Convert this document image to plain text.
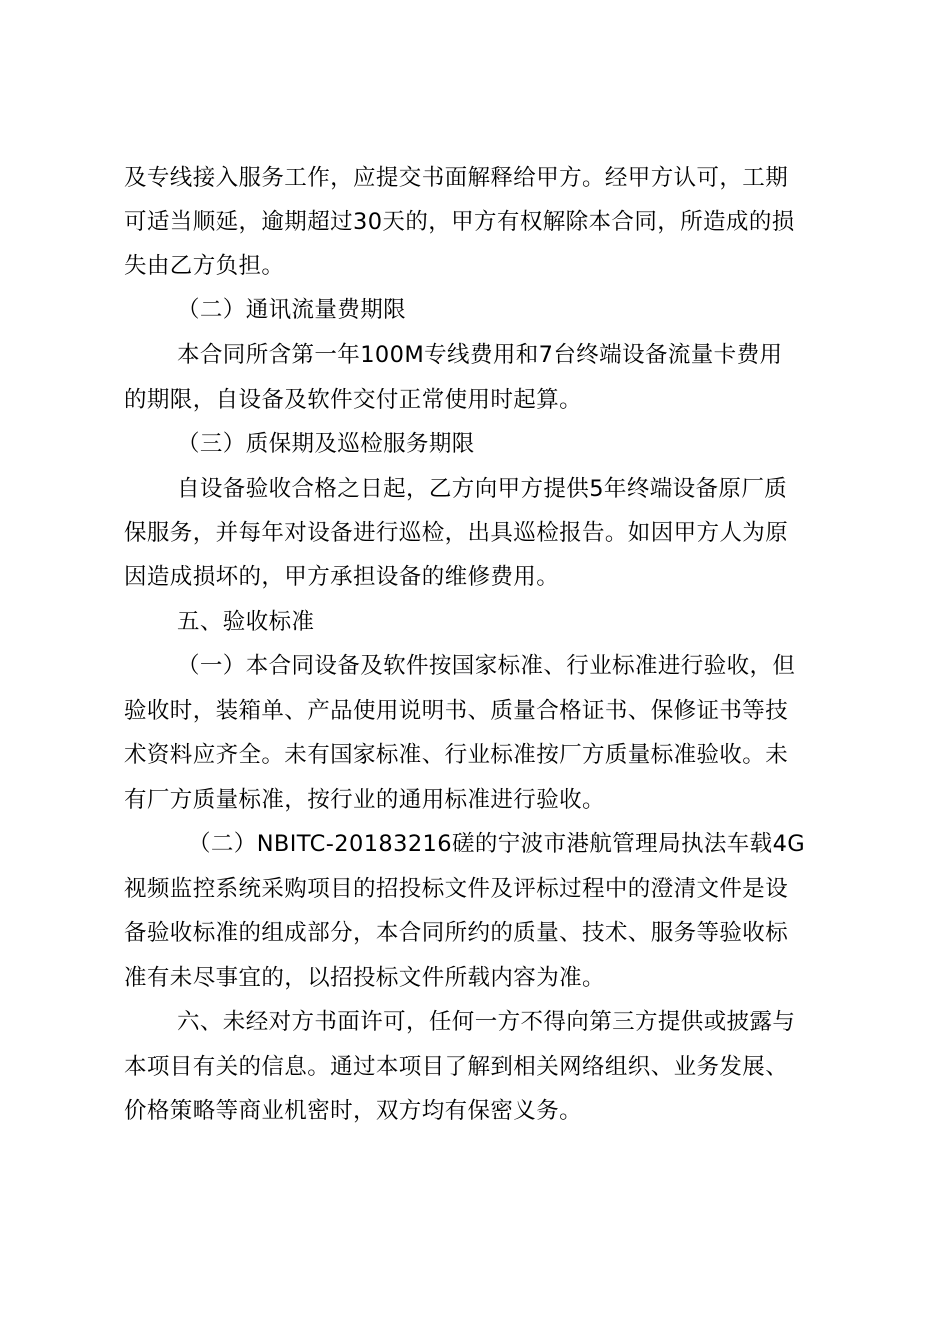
及专线接入服务工作，应提交书面解释给甲方。经甲方认可，工期
可适当顺延，逾期超过30天的，甲方有权解除本合同，所造成的损
失由乙方负担。
（二）通讯流量费期限
本合同所含第一年100M专线费用和7台终端设备流量卡费用
的期限，自设备及软件交付正常使用时起算。
（三）质保期及巡检服务期限
自设备验收合格之日起，乙方向甲方提供5年终端设备原厂质
保服务，并每年对设备进行巡检，出具巡检报告。如因甲方人为原
因造成损坏的，甲方承担设备的维修费用。
五、验收标准
（一）本合同设备及软件按国家标准、行业标准进行验收，但
验收时，装箱单、产品使用说明书、质量合格证书、保修证书等技
术资料应齐全。未有国家标准、行业标准按厂方质量标准验收。未
有厂方质量标准，按行业的通用标准进行验收。
（二）NBITC-20183216磋的宁波市港航管理局执法车载4G
视频监控系统采购项目的招投标文件及评标过程中的澄清文件是设
备验收标准的组成部分，本合同所约的质量、技术、服务等验收标
准有未尽事宜的，以招投标文件所载内容为准。
六、未经对方书面许可，任何一方不得向第三方提供或披露与
本项目有关的信息。通过本项目了解到相关网络组织、业务发展、
价格策略等商业机密时，双方均有保密义务。
